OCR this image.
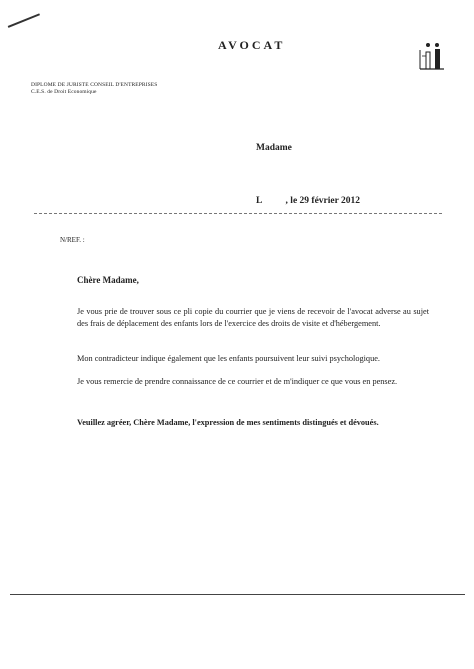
AVOCAT
DIPLOME DE JURISTE CONSEIL D'ENTREPRISES
C.E.S. de Droit Economique
Madame
L          , le 29 février 2012
N/REF. :
Chère Madame,
Je vous prie de trouver sous ce pli copie du courrier que je viens de recevoir de l'avocat adverse au sujet des frais de déplacement des enfants lors de l'exercice des droits de visite et d'hébergement.
Mon contradicteur indique également que les enfants poursuivent leur suivi psychologique.
Je vous remercie de prendre connaissance de ce courrier et de m'indiquer ce que vous en pensez.
Veuillez agréer, Chère Madame, l'expression de mes sentiments distingués et dévoués.
